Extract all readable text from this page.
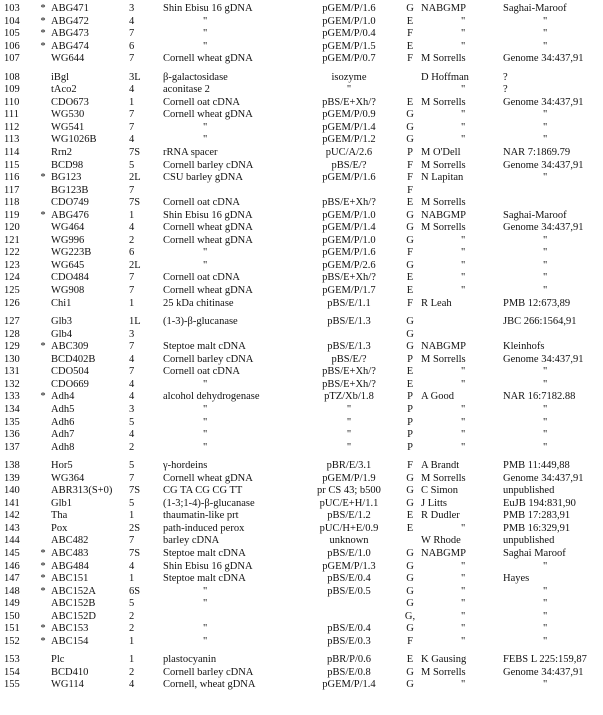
103	*	ABG471	3	Shin Ebisu 16 gDNA	pGEM/P/1.6	G	NABGMP	Saghai-Maroof
104	*	ABG472	4	"	pGEM/P/1.0	E	"	"
105	*	ABG473	7	"	pGEM/P/0.4	F	"	"
106	*	ABG474	6	"	pGEM/P/1.5	E	"	"
107		WG644	7	Cornell wheat gDNA	pGEM/P/0.7	F	M Sorrells	Genome 34:437,91

108		iBgl	3L	β-galactosidase	isozyme		D Hoffman	?
109		tAco2	4	aconitase 2	"		"	?
110		CDO673	1	Cornell oat cDNA	pBS/E+Xh/?	E	M Sorrells	Genome 34:437,91
111		WG530	7	Cornell wheat gDNA	pGEM/P/0.9	G	"	"
112		WG541	7	"	pGEM/P/1.4	G	"	"
113		WG1026B	4	"	pGEM/P/1.2	G	"	"
114		Rrn2	7S	rRNA spacer	pUC/A/2.6	P	M O'Dell	NAR 7:1869.79
115		BCD98	5	Cornell barley cDNA	pBS/E/?	F	M Sorrells	Genome 34:437,91
116	*	BG123	2L	CSU barley gDNA	pGEM/P/1.6	F	N Lapitan	"
117		BG123B	7			F		
118		CDO749	7S	Cornell oat cDNA	pBS/E+Xh/?	E	M Sorrells	
119	*	ABG476	1	Shin Ebisu 16 gDNA	pGEM/P/1.0	G	NABGMP	Saghai-Maroof
120		WG464	4	Cornell wheat gDNA	pGEM/P/1.4	G	M Sorrells	Genome 34:437,91
121		WG996	2	Cornell wheat gDNA	pGEM/P/1.0	G	"	"
122		WG223B	6	"	pGEM/P/1.6	F	"	"
123		WG645	2L	"	pGEM/P/2.6	G	"	"
124		CDO484	7	Cornell oat cDNA	pBS/E+Xh/?	E	"	"
125		WG908	7	Cornell wheat gDNA	pGEM/P/1.7	E	"	"
126		Chi1	1	25 kDa chitinase	pBS/E/1.1	F	R Leah	PMB 12:673,89

127		Glb3	1L	(1-3)-β-glucanase	pBS/E/1.3	G		JBC 266:1564,91
128		Glb4	3			G		
129	*	ABC309	7	Steptoe malt cDNA	pBS/E/1.3	G	NABGMP	Kleinhofs
130		BCD402B	4	Cornell barley cDNA	pBS/E/?	P	M Sorrells	Genome 34:437,91
131		CDO504	7	Cornell oat cDNA	pBS/E+Xh/?	E	"	"
132		CDO669	4	"	pBS/E+Xh/?	E	"	"
133	*	Adh4	4	alcohol dehydrogenase	pTZ/Xb/1.8	P	A Good	NAR 16:7182.88
134		Adh5	3	"	"	P	"	"
135		Adh6	5	"	"	P	"	"
136		Adh7	4	"	"	P	"	"
137		Adh8	2	"	"	P	"	"

138		Hor5	5	γ-hordeins	pBR/E/3.1	F	A Brandt	PMB 11:449,88
139		WG364	7	Cornell wheat gDNA	pGEM/P/1.9	G	M Sorrells	Genome 34:437,91
140		ABR313(S+0)	7S	CG TA CG CG TT	pr CS 43; b500	G	C Simon	unpublished
141		Glb1	5	(1-3;1-4)-β-glucanase	pUC/E+H/1.1	G	J Litts	EuJB 194:831,90
142		Tha	1	thaumatin-like prt	pBS/E/1.2	E	R Dudler	PMB 17:283,91
143		Pox	2S	path-induced perox	pUC/H+E/0.9	E	"	PMB 16:329,91
144		ABC482	7	barley cDNA	unknown		W Rhode	unpublished
145	*	ABC483	7S	Steptoe malt cDNA	pBS/E/1.0	G	NABGMP	Saghai Maroof
146	*	ABG484	4	Shin Ebisu 16 gDNA	pGEM/P/1.3	G	"	"
147	*	ABC151	1	Steptoe malt cDNA	pBS/E/0.4	G	"	Hayes
148	*	ABC152A	6S	"	pBS/E/0.5	G	"	"
149		ABC152B	5	"		G	"	"
150		ABC152D	2			G,	"	"
151	*	ABC153	2	"	pBS/E/0.4	G	"	"
152	*	ABC154	1	"	pBS/E/0.3	F	"	"

153		Plc	1	plastocyanin	pBR/P/0.6	E	K Gausing	FEBS L 225:159,87
154		BCD410	2	Cornell barley cDNA	pBS/E/0.8	G	M Sorrells	Genome 34:437,91
155		WG114	4	Cornell, wheat gDNA	pGEM/P/1.4	G	"	"
